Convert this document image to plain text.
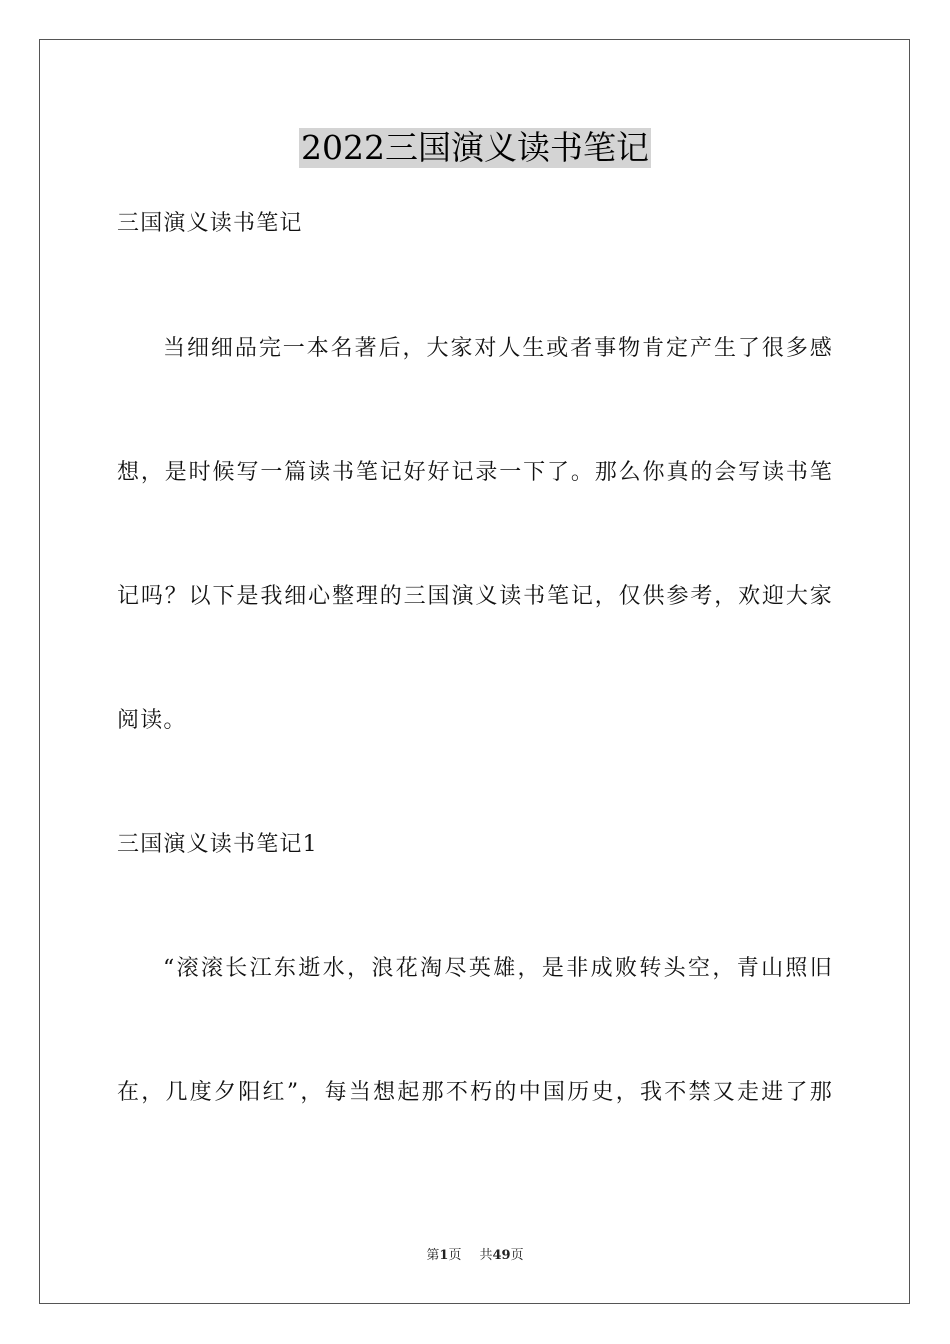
2022三国演义读书笔记

三国演义读书笔记

当细细品完一本名著后，大家对人生或者事物肯定产生了很多感

想，是时候写一篇读书笔记好好记录一下了。那么你真的会写读书笔

记吗？以下是我细心整理的三国演义读书笔记，仅供参考，欢迎大家

阅读。

三国演义读书笔记1

“滚滚长江东逝水，浪花淘尽英雄，是非成败转头空，青山照旧

在，几度夕阳红”，每当想起那不朽的中国历史，我不禁又走进了那

第1页 共49页
